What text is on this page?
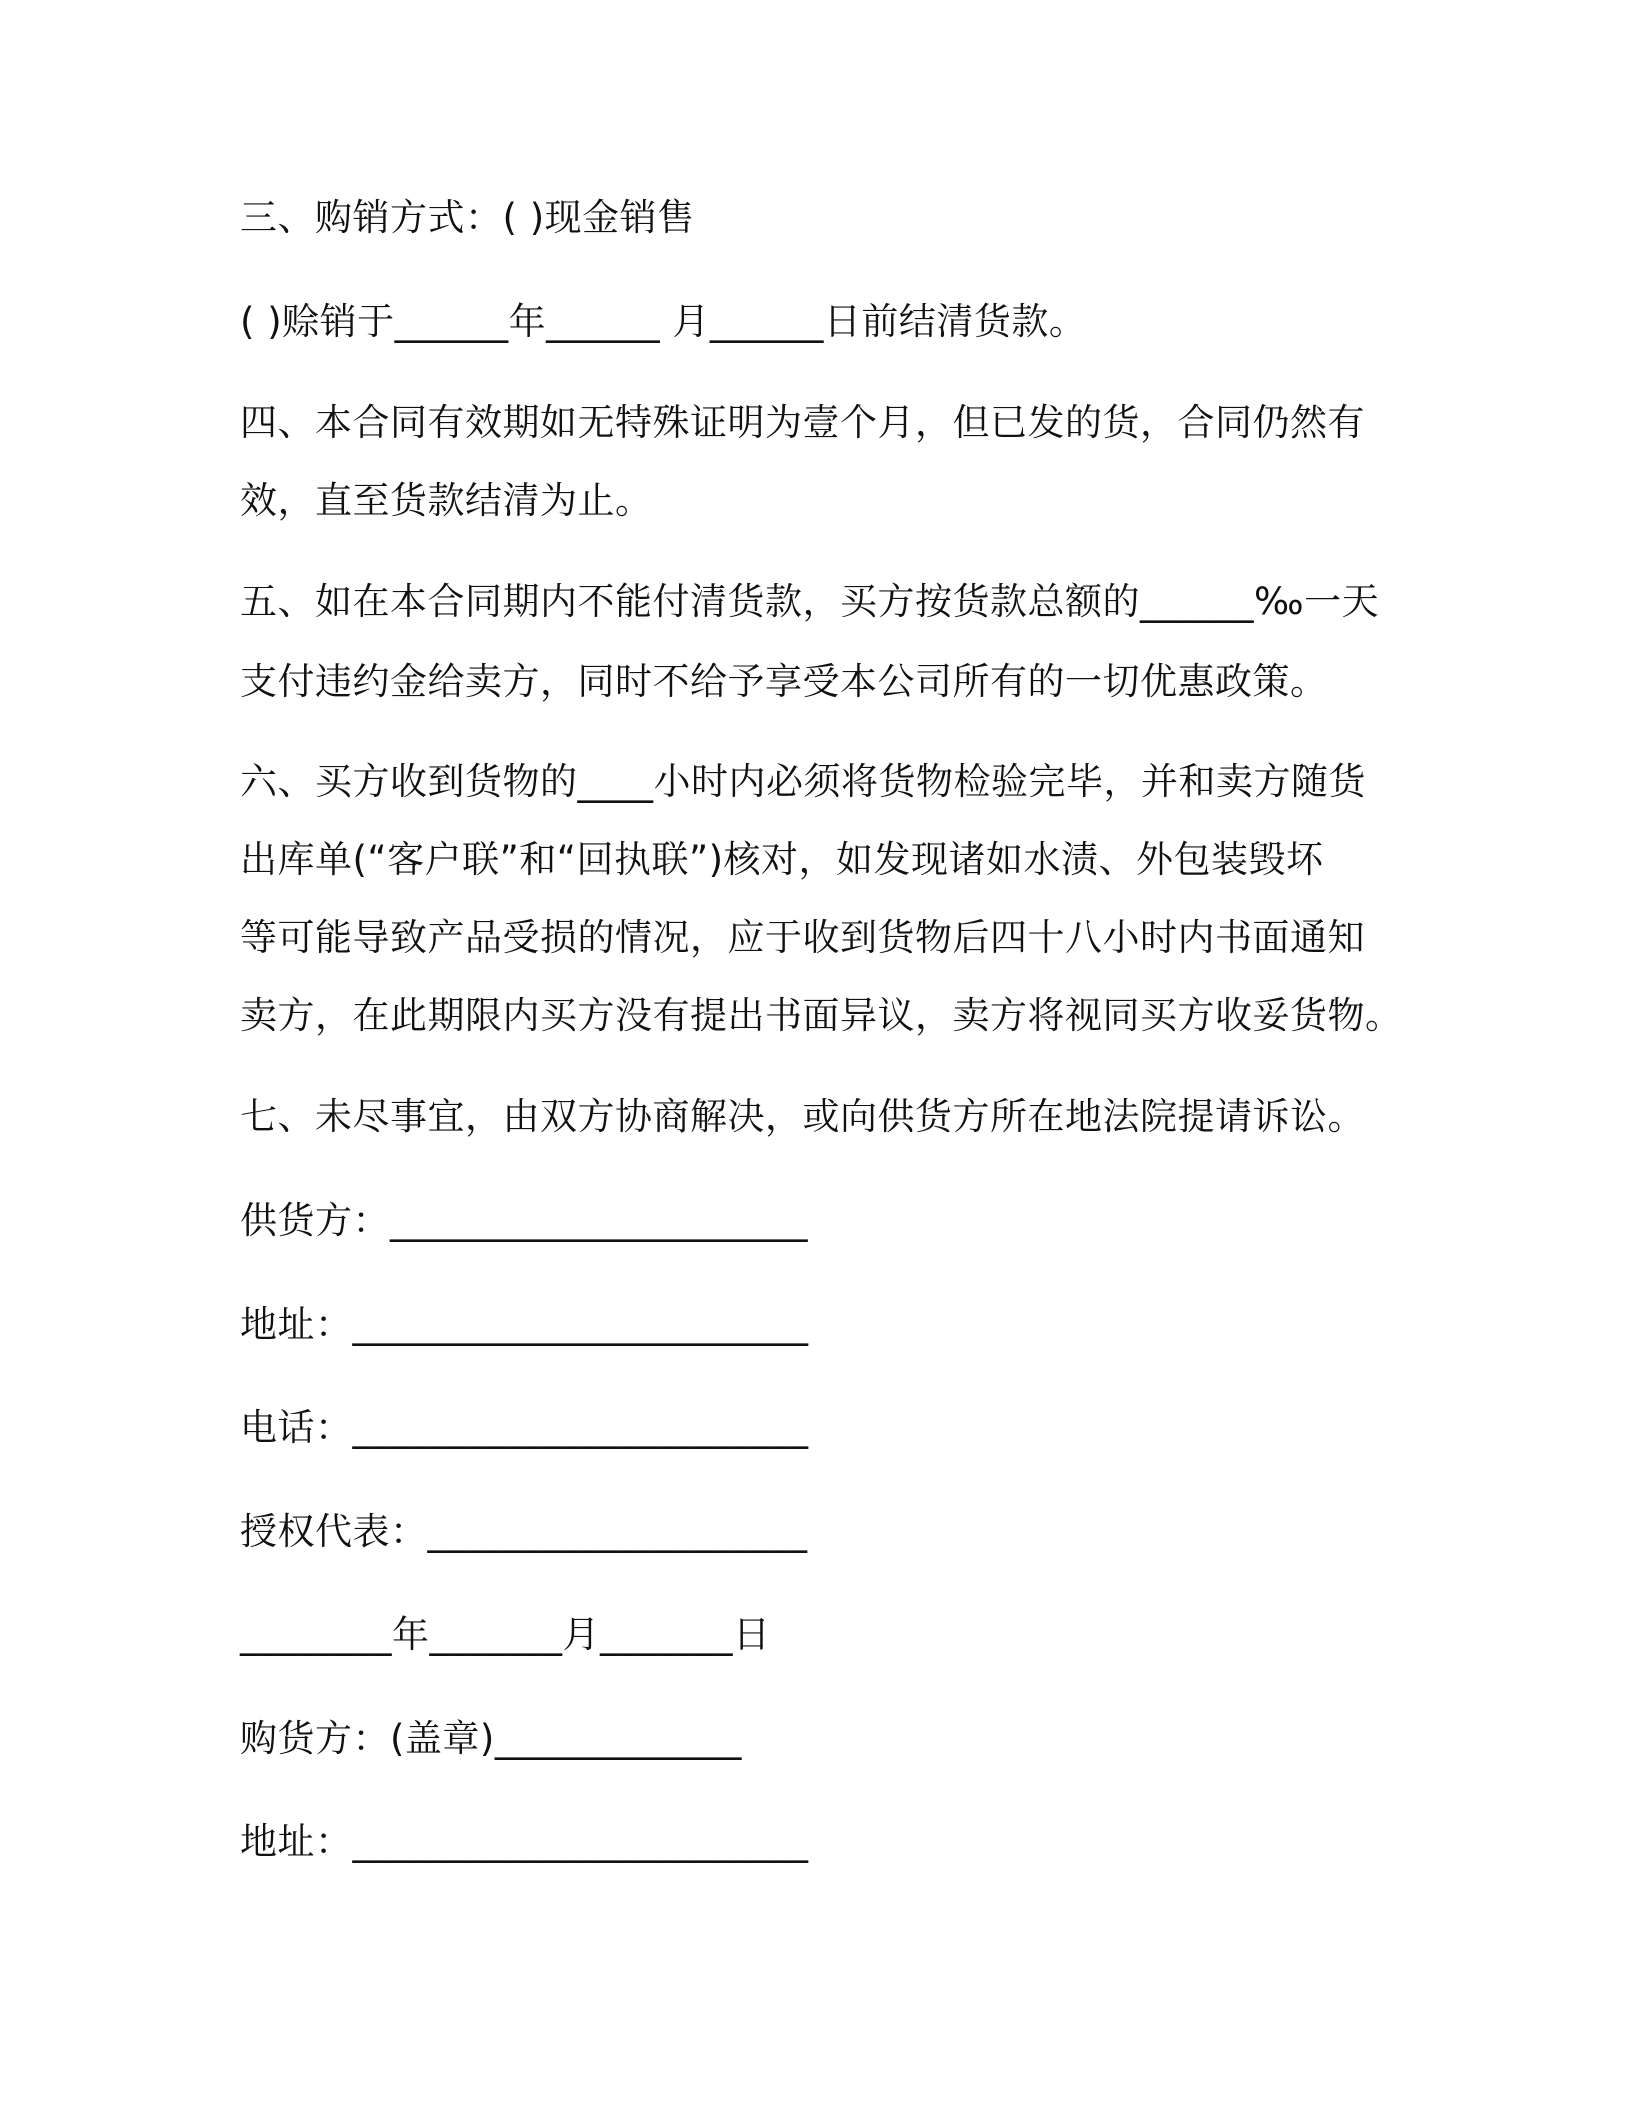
三、购销方式：( )现金销售
( )赊销于______年______ 月______日前结清货款。
四、本合同有效期如无特殊证明为壹个月，但已发的货，合同仍然有
效，直至货款结清为止。
五、如在本合同期内不能付清货款，买方按货款总额的______‰一天
支付违约金给卖方，同时不给予享受本公司所有的一切优惠政策。
六、买方收到货物的____小时内必须将货物检验完毕，并和卖方随货
出库单(“客户联”和“回执联”)核对，如发现诸如水渍、外包装毁坏
等可能导致产品受损的情况，应于收到货物后四十八小时内书面通知
卖方，在此期限内买方没有提出书面异议，卖方将视同买方收妥货物。
七、未尽事宜，由双方协商解决，或向供货方所在地法院提请诉讼。
供货方：______________________
地址：________________________
电话：________________________
授权代表：____________________
________年_______月_______日
购货方：(盖章)_____________
地址：________________________
